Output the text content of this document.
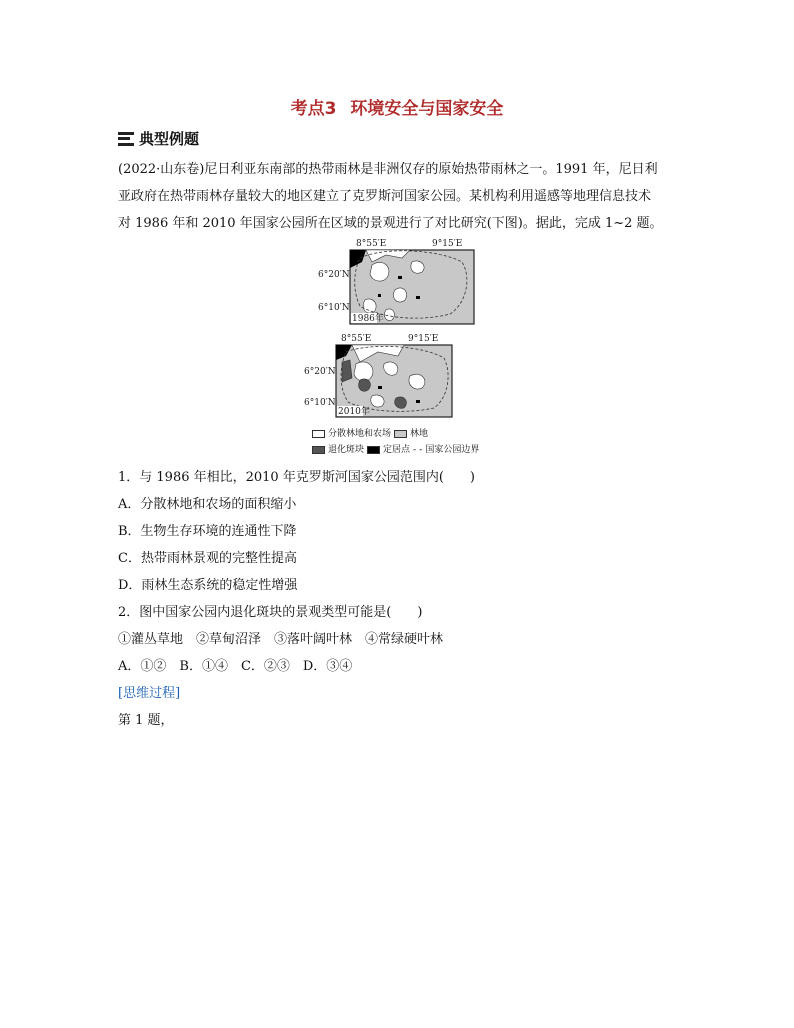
考点3 环境安全与国家安全
典型例题
(2022·山东卷)尼日利亚东南部的热带雨林是非洲仅存的原始热带雨林之一。1991 年，尼日利
亚政府在热带雨林存量较大的地区建立了克罗斯河国家公园。某机构利用遥感等地理信息技术
对 1986 年和 2010 年国家公园所在区域的景观进行了对比研究(下图)。据此，完成 1~2 题。
8°55′E	9°15′E
6°20′N
6°10′N
1986年
8°55′E	9°15′E
6°20′N
6°10′N
2010年
分散林地和农场 林地
退化斑块 定居点 - - 国家公园边界
1．与 1986 年相比，2010 年克罗斯河国家公园范围内(　　)
A．分散林地和农场的面积缩小
B．生物生存环境的连通性下降
C．热带雨林景观的完整性提高
D．雨林生态系统的稳定性增强
2．图中国家公园内退化斑块的景观类型可能是(　　)
①灌丛草地　②草甸沼泽　③落叶阔叶林　④常绿硬叶林
A．①②　B．①④　C．②③　D．③④
[思维过程]
第 1 题，
